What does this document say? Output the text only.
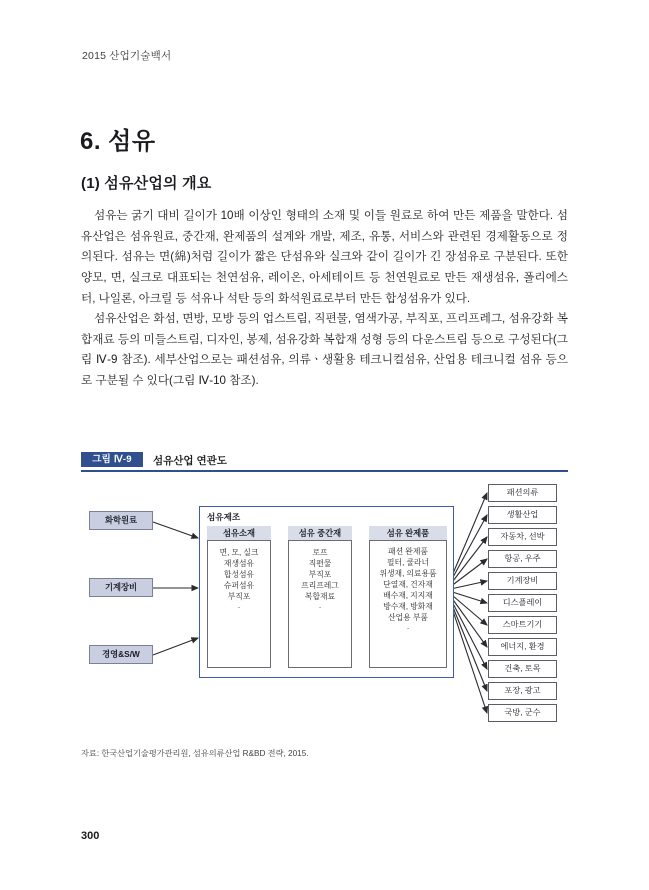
2015 산업기술백서
6. 섬유
(1) 섬유산업의 개요

섬유는 굵기 대비 길이가 10배 이상인 형태의 소재 및 이들 원료로 하여 만든 제품을 말한다. 섬유산업은 섬유원료, 중간재, 완제품의 설계와 개발, 제조, 유통, 서비스와 관련된 경제활동으로 정의된다. 섬유는 면(綿)처럼 길이가 짧은 단섬유와 실크와 같이 길이가 긴 장섬유로 구분된다. 또한 양모, 면, 실크로 대표되는 천연섬유, 레이온, 아세테이트 등 천연원료로 만든 재생섬유, 폴리에스터, 나일론, 아크릴 등 석유나 석탄 등의 화석원료로부터 만든 합성섬유가 있다.

섬유산업은 화섬, 면방, 모방 등의 업스트림, 직편물, 염색가공, 부직포, 프리프레그, 섬유강화 복합재료 등의 미들스트림, 디자인, 봉제, 섬유강화 복합재 성형 등의 다운스트림 등으로 구성된다(그림 Ⅳ-9 참조). 세부산업으로는 패션섬유, 의류ㆍ생활용 테크니컬섬유, 산업용 테크니컬 섬유 등으로 구분될 수 있다(그림 Ⅳ-10 참조).

그림 Ⅳ-9	섬유산업 연관도
화학원료
기계장비
경영&S/W
섬유제조
섬유소재
면, 모, 실크
재생섬유
합성섬유
슈퍼섬유
부직포
·
섬유 중간재
로프
직편물
부직포
프리프레그
복합재료
·
섬유 완제품
패션 완제품
필터, 쿨라너
위생재, 의료용품
단열재, 건자재
배수재, 지지재
방수재, 방화재
산업용 부품
·
패션의류
생활산업
자동차, 선박
항공, 우주
기계장비
디스플레이
스마트기기
에너지, 환경
건축, 토목
포장, 광고
국방, 군수
자료: 한국산업기술평가관리원, 섬유의류산업 R&BD 전략, 2015.
300
